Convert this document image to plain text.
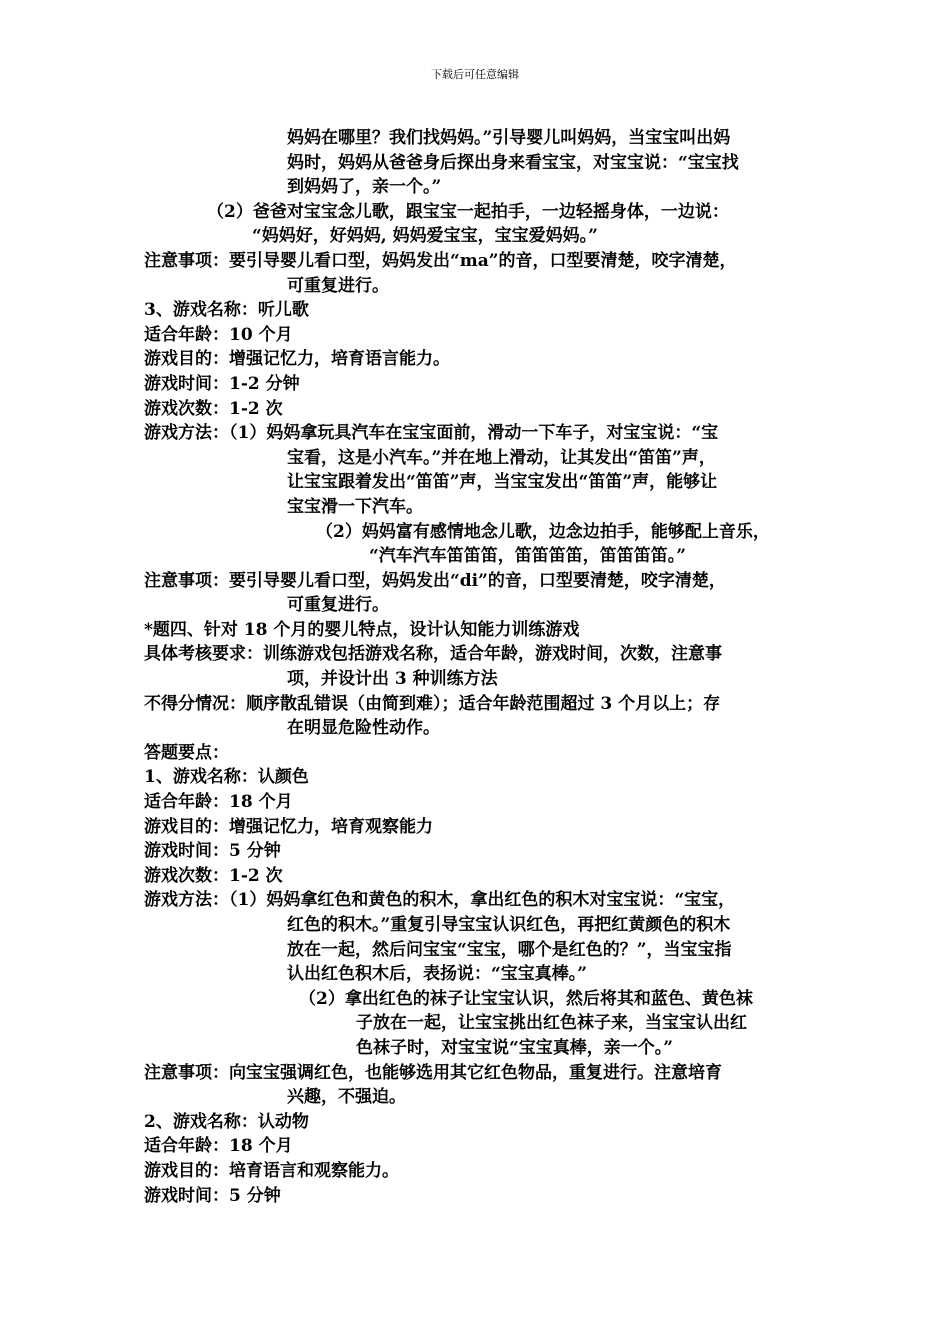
下载后可任意编辑
妈妈在哪里？我们找妈妈。”引导婴儿叫妈妈，当宝宝叫出妈
妈时，妈妈从爸爸身后探出身来看宝宝，对宝宝说：“宝宝找
到妈妈了，亲一个。”
（2）爸爸对宝宝念儿歌，跟宝宝一起拍手，一边轻摇身体，一边说：
“妈妈好，好妈妈, 妈妈爱宝宝，宝宝爱妈妈。”
注意事项：要引导婴儿看口型，妈妈发出“ma”的音，口型要清楚，咬字清楚，
可重复进行。
3、游戏名称：听儿歌
适合年龄：10 个月
游戏目的：增强记忆力，培育语言能力。
游戏时间：1-2 分钟
游戏次数：1-2 次
游戏方法：（1）妈妈拿玩具汽车在宝宝面前，滑动一下车子，对宝宝说：“宝
宝看，这是小汽车。”并在地上滑动，让其发出“笛笛”声，
让宝宝跟着发出“笛笛”声，当宝宝发出“笛笛”声，能够让
宝宝滑一下汽车。
（2）妈妈富有感情地念儿歌，边念边拍手，能够配上音乐，
“汽车汽车笛笛笛，笛笛笛笛，笛笛笛笛。”
注意事项：要引导婴儿看口型，妈妈发出“di”的音，口型要清楚，咬字清楚，
可重复进行。
*题四、针对 18 个月的婴儿特点，设计认知能力训练游戏
具体考核要求：训练游戏包括游戏名称，适合年龄，游戏时间，次数，注意事
项，并设计出 3 种训练方法
不得分情况：顺序散乱错误（由简到难）；适合年龄范围超过 3 个月以上；存
在明显危险性动作。
答题要点：
1、游戏名称：认颜色
适合年龄：18 个月
游戏目的：增强记忆力，培育观察能力
游戏时间：5 分钟
游戏次数：1-2 次
游戏方法：（1）妈妈拿红色和黄色的积木，拿出红色的积木对宝宝说：“宝宝，
红色的积木。”重复引导宝宝认识红色，再把红黄颜色的积木
放在一起，然后问宝宝“宝宝，哪个是红色的？”，当宝宝指
认出红色积木后，表扬说：“宝宝真棒。”
（2）拿出红色的袜子让宝宝认识，然后将其和蓝色、黄色袜
子放在一起，让宝宝挑出红色袜子来，当宝宝认出红
色袜子时，对宝宝说“宝宝真棒，亲一个。”
注意事项：向宝宝强调红色，也能够选用其它红色物品，重复进行。注意培育
兴趣，不强迫。
2、游戏名称：认动物
适合年龄：18 个月
游戏目的：培育语言和观察能力。
游戏时间：5 分钟
